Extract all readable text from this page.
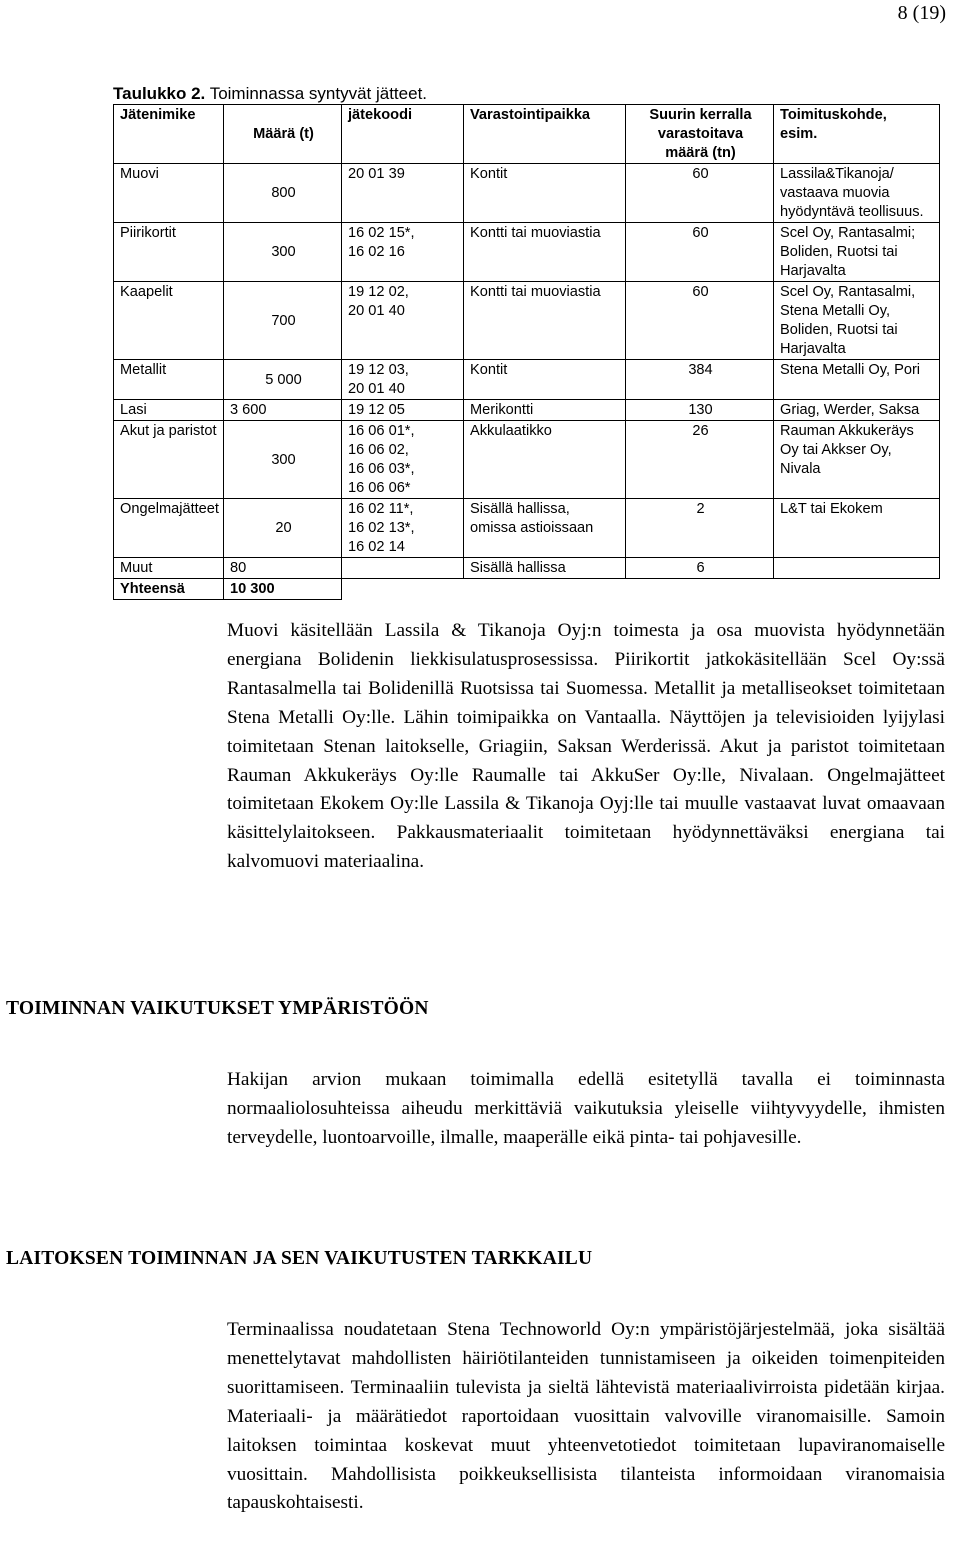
8 (19)
Taulukko 2. Toiminnassa syntyvät jätteet.
Jätenimike	Määrä (t)	jätekoodi	Varastointipaikka	Suurin kerralla
varastoitava
määrä (tn)	Toimituskohde,
esim.
Muovi	800	20 01 39	Kontit	60	Lassila&Tikanoja/
vastaava muovia
hyödyntävä teollisuus.
Piirikortit	300	16 02 15*,
16 02 16	Kontti tai muoviastia	60	Scel Oy, Rantasalmi;
Boliden, Ruotsi tai
Harjavalta
Kaapelit	700	19 12 02,
20 01 40	Kontti tai muoviastia	60	Scel Oy, Rantasalmi,
Stena Metalli Oy,
Boliden, Ruotsi tai
Harjavalta
Metallit	5 000	19 12 03,
20 01 40	Kontit	384	Stena Metalli Oy, Pori
Lasi	3 600	19 12 05	Merikontti	130	Griag, Werder, Saksa
Akut ja paristot	300	16 06 01*,
16 06 02,
16 06 03*,
16 06 06*	Akkulaatikko	26	Rauman Akkukeräys
Oy tai Akkser Oy,
Nivala
Ongelmajätteet	20	16 02 11*,
16 02 13*,
16 02 14	Sisällä hallissa,
omissa astioissaan	2	L&T tai Ekokem
Muut	80		Sisällä hallissa	6	
Yhteensä	10 300				
Muovi käsitellään Lassila & Tikanoja Oyj:n toimesta ja osa muovista hyödynnetään energiana Bolidenin liekkisulatusprosessissa. Piirikortit jatkokäsitellään Scel Oy:ssä Rantasalmella tai Bolidenillä Ruotsissa tai Suomessa. Metallit ja metalliseokset toimitetaan Stena Metalli Oy:lle. Lähin toimipaikka on Vantaalla. Näyttöjen ja televisioiden lyijylasi toimitetaan Stenan laitokselle, Griagiin, Saksan Werderissä. Akut ja paristot toimitetaan Rauman Akkukeräys Oy:lle Raumalle tai AkkuSer Oy:lle, Nivalaan. Ongelmajätteet toimitetaan Ekokem Oy:lle Lassila & Tikanoja Oyj:lle tai muulle vastaavat luvat omaavaan käsittelylaitokseen. Pakkausmateriaalit toimitetaan hyödynnettäväksi energiana tai kalvomuovi materiaalina.
TOIMINNAN VAIKUTUKSET YMPÄRISTÖÖN
Hakijan arvion mukaan toimimalla edellä esitetyllä tavalla ei toiminnasta normaaliolosuhteissa aiheudu merkittäviä vaikutuksia yleiselle viihtyvyydelle, ihmisten terveydelle, luontoarvoille, ilmalle, maaperälle eikä pinta- tai pohjavesille.
LAITOKSEN TOIMINNAN JA SEN VAIKUTUSTEN TARKKAILU
Terminaalissa noudatetaan Stena Technoworld Oy:n ympäristöjärjestelmää, joka sisältää menettelytavat mahdollisten häiriötilanteiden tunnistamiseen ja oikeiden toimenpiteiden suorittamiseen. Terminaaliin tulevista ja sieltä lähtevistä materiaalivirroista pidetään kirjaa. Materiaali- ja määrätiedot raportoidaan vuosittain valvoville viranomaisille. Samoin laitoksen toimintaa koskevat muut yhteenvetotiedot toimitetaan lupaviranomaiselle vuosittain. Mahdollisista poikkeuksellisista tilanteista informoidaan viranomaisia tapauskohtaisesti.
